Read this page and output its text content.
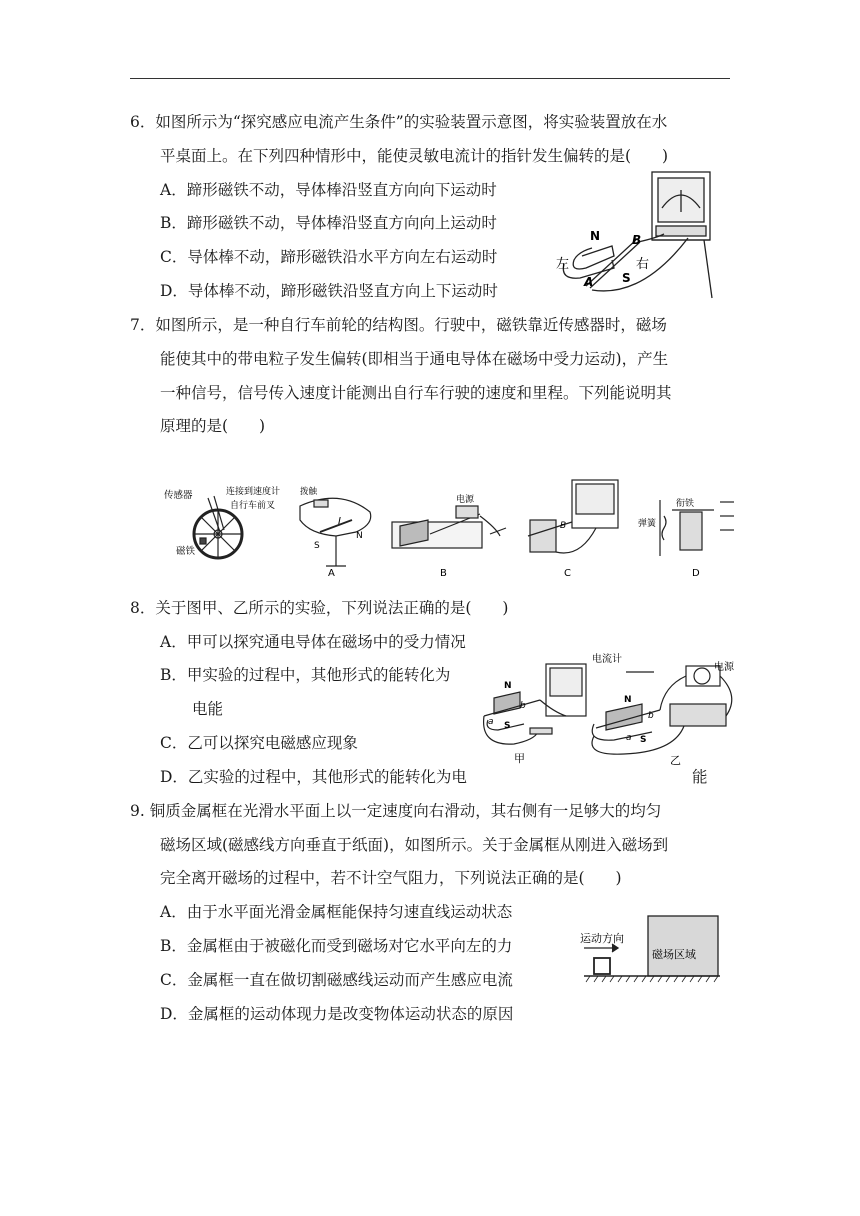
6．如图所示为“探究感应电流产生条件”的实验装置示意图，将实验装置放在水
平桌面上。在下列四种情形中，能使灵敏电流计的指针发生偏转的是(　　)
A．蹄形磁铁不动，导体棒沿竖直方向向下运动时
B．蹄形磁铁不动，导体棒沿竖直方向向上运动时
C．导体棒不动，蹄形磁铁沿水平方向左右运动时
D．导体棒不动，蹄形磁铁沿竖直方向上下运动时
N
S
A
B
左	右
7．如图所示，是一种自行车前轮的结构图。行驶中，磁铁靠近传感器时，磁场
能使其中的带电粒子发生偏转(即相当于通电导体在磁场中受力运动)，产生
一种信号，信号传入速度计能测出自行车行驶的速度和里程。下列能说明其
原理的是(　　)
传感器	连接到速度计
自行车前叉
磁铁
拨触
I
S
N
电源
B
衔铁
弹簧
A	B	C	D
8．关于图甲、乙所示的实验，下列说法正确的是(　　)
A．甲可以探究通电导体在磁场中的受力情况
B．甲实验的过程中，其他形式的能转化为
电能
C．乙可以探究电磁感应现象
D．乙实验的过程中，其他形式的能转化为电	能
电流计
电源
N
S
a
b
N
S
a
b
甲	乙
9. 铜质金属框在光滑水平面上以一定速度向右滑动，其右侧有一足够大的均匀
磁场区域(磁感线方向垂直于纸面)，如图所示。关于金属框从刚进入磁场到
完全离开磁场的过程中，若不计空气阻力，下列说法正确的是(　　)
A．由于水平面光滑金属框能保持匀速直线运动状态
B．金属框由于被磁化而受到磁场对它水平向左的力
C．金属框一直在做切割磁感线运动而产生感应电流
D．金属框的运动体现力是改变物体运动状态的原因
运动方向
磁场区域
